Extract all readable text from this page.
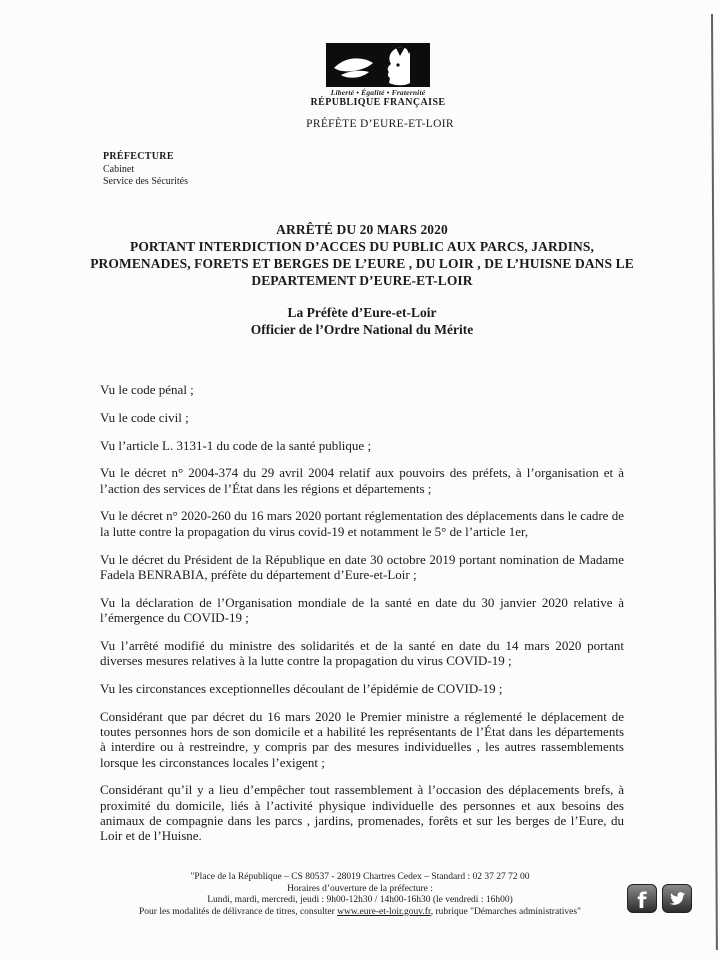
Liberté • Égalité • Fraternité
RÉPUBLIQUE FRANÇAISE
PRÉFÈTE D’EURE-ET-LOIR
PRÉFECTURE
Cabinet
Service des Sécurités
ARRÊTÉ DU 20 MARS 2020
PORTANT INTERDICTION D’ACCES DU PUBLIC AUX PARCS, JARDINS,
PROMENADES, FORETS ET BERGES DE L’EURE , DU LOIR , DE L’HUISNE DANS LE
DEPARTEMENT D’EURE-ET-LOIR
La Préfète d’Eure-et-Loir
Officier de l’Ordre National du Mérite
Vu le code pénal ;
Vu le code civil ;
Vu l’article L. 3131-1 du code de la santé publique ;
Vu le décret n° 2004-374 du 29 avril 2004 relatif aux pouvoirs des préfets, à l’organisation et à l’action des services de l’État dans les régions et départements ;
Vu le décret n° 2020-260 du 16 mars 2020 portant réglementation des déplacements dans le cadre de la lutte contre la propagation du virus covid-19 et notamment le 5° de l’article 1er,
Vu le décret du Président de la République en date 30 octobre 2019 portant nomination de Madame Fadela BENRABIA, préfète du département d’Eure-et-Loir ;
Vu la déclaration de l’Organisation mondiale de la santé en date du 30 janvier 2020 relative à l’émergence du COVID-19 ;
Vu l’arrêté modifié du ministre des solidarités et de la santé en date du 14 mars 2020 portant diverses mesures relatives à la lutte contre la propagation du virus COVID-19 ;
Vu les circonstances exceptionnelles découlant de l’épidémie de COVID-19 ;
Considérant que par décret du 16 mars 2020 le Premier ministre a réglementé le déplacement de toutes personnes hors de son domicile et a habilité les représentants de l’État dans les départements à interdire ou à restreindre, y compris par des mesures individuelles , les autres rassemblements lorsque les circonstances locales l’exigent ;
Considérant qu’il y a lieu d’empêcher tout rassemblement à l’occasion des déplacements brefs, à proximité du domicile, liés à l’activité physique individuelle des personnes et aux besoins des animaux de compagnie dans les parcs , jardins, promenades, forêts et sur les berges de l’Eure, du Loir et de l’Huisne.
"Place de la République – CS 80537 - 28019 Chartres Cedex – Standard : 02 37 27 72 00
Horaires d’ouverture de la préfecture :
Lundi, mardi, mercredi, jeudi : 9h00-12h30 / 14h00-16h30 (le vendredi : 16h00)
Pour les modalités de délivrance de titres, consulter www.eure-et-loir.gouv.fr, rubrique "Démarches administratives"	f
